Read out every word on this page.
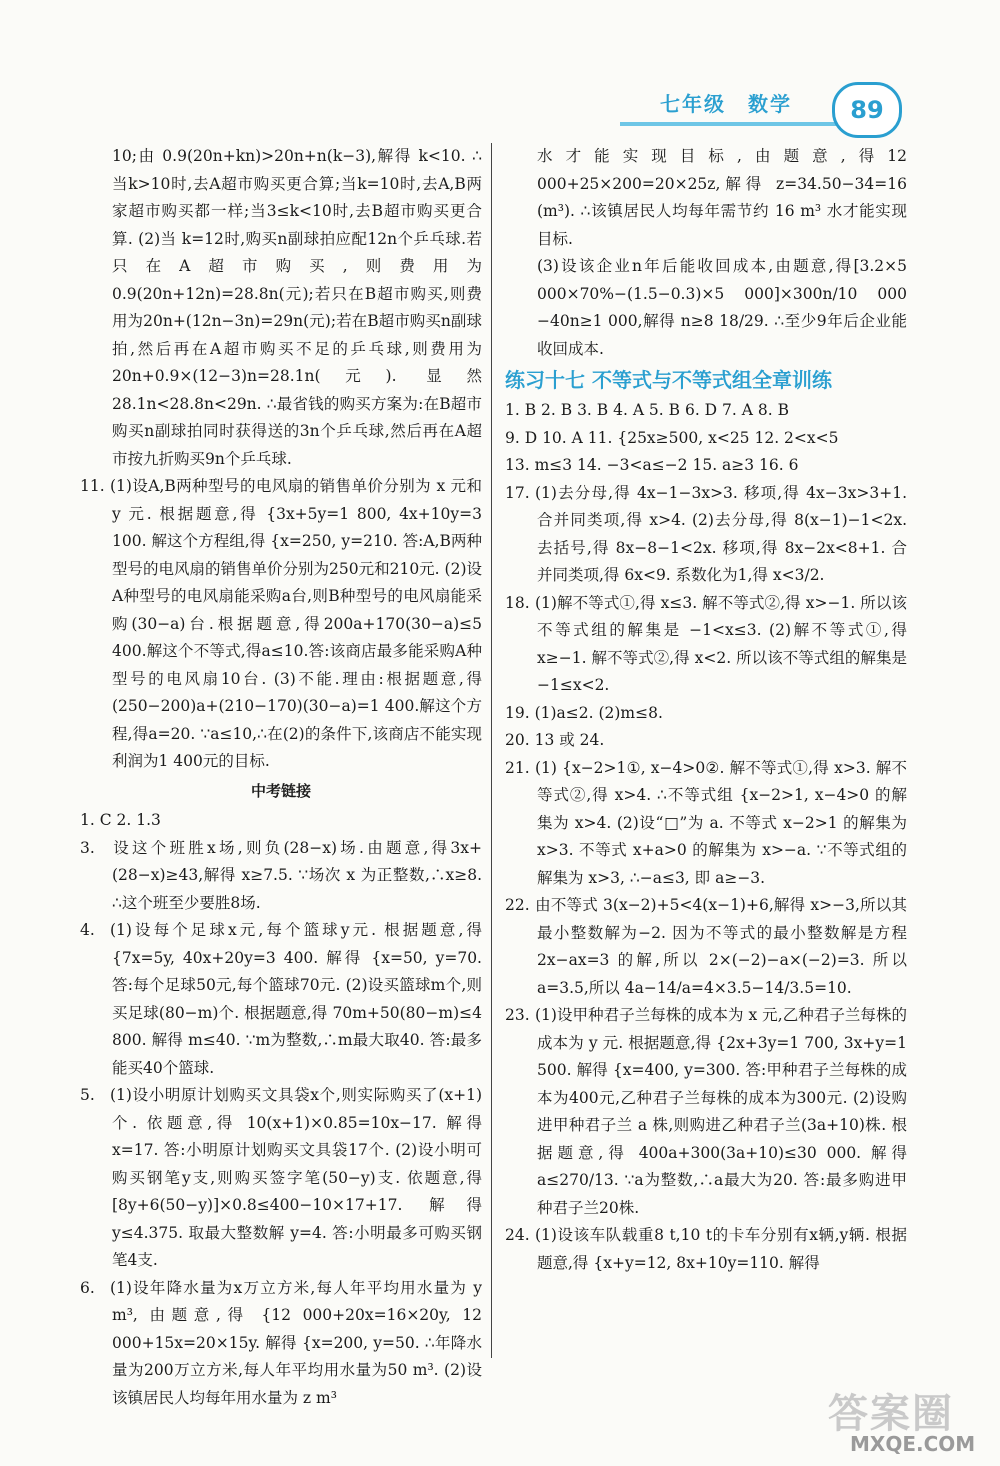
七年级 数学	89

10;由 0.9(20n+kn)>20n+n(k−3),解得 k<10. ∴当k>10时,去A超市购买更合算;当k=10时,去A,B两家超市购买都一样;当3≤k<10时,去B超市购买更合算. (2)当 k=12时,购买n副球拍应配12n个乒乓球.若只在A超市购买,则费用为0.9(20n+12n)=28.8n(元);若只在B超市购买,则费用为20n+(12n−3n)=29n(元);若在B超市购买n副球拍,然后再在A超市购买不足的乒乓球,则费用为20n+0.9×(12−3)n=28.1n(元). 显然28.1n<28.8n<29n. ∴最省钱的购买方案为:在B超市购买n副球拍同时获得送的3n个乒乓球,然后再在A超市按九折购买9n个乒乓球.

11. (1)设A,B两种型号的电风扇的销售单价分别为 x 元和 y 元. 根据题意,得 {3x+5y=1 800, 4x+10y=3 100. 解这个方程组,得 {x=250, y=210. 答:A,B两种型号的电风扇的销售单价分别为250元和210元. (2)设A种型号的电风扇能采购a台,则B种型号的电风扇能采购(30−a)台.根据题意,得200a+170(30−a)≤5 400.解这个不等式,得a≤10.答:该商店最多能采购A种型号的电风扇10台. (3)不能.理由:根据题意,得(250−200)a+(210−170)(30−a)=1 400.解这个方程,得a=20. ∵a≤10,∴在(2)的条件下,该商店不能实现利润为1 400元的目标.

中考链接

1. C 2. 1.3

3. 设这个班胜x场,则负(28−x)场.由题意,得3x+(28−x)≥43,解得 x≥7.5. ∵场次 x 为正整数,∴x≥8. ∴这个班至少要胜8场.

4. (1)设每个足球x元,每个篮球y元. 根据题意,得 {7x=5y, 40x+20y=3 400. 解得 {x=50, y=70. 答:每个足球50元,每个篮球70元. (2)设买篮球m个,则买足球(80−m)个. 根据题意,得 70m+50(80−m)≤4 800. 解得 m≤40. ∵m为整数,∴m最大取40. 答:最多能买40个篮球.

5. (1)设小明原计划购买文具袋x个,则实际购买了(x+1)个. 依题意,得 10(x+1)×0.85=10x−17. 解得 x=17. 答:小明原计划购买文具袋17个. (2)设小明可购买钢笔y支,则购买签字笔(50−y)支. 依题意,得[8y+6(50−y)]×0.8≤400−10×17+17. 解得 y≤4.375. 取最大整数解 y=4. 答:小明最多可购买钢笔4支.

6. (1)设年降水量为x万立方米,每人年平均用水量为 y m³, 由题意,得 {12 000+20x=16×20y, 12 000+15x=20×15y. 解得 {x=200, y=50. ∴年降水量为200万立方米,每人年平均用水量为50 m³. (2)设该镇居民人均每年用水量为 z m³

水才能实现目标,由题意,得12 000+25×200=20×25z,解得 z=34.50−34=16 (m³). ∴该镇居民人均每年需节约 16 m³ 水才能实现目标.

(3)设该企业n年后能收回成本,由题意,得[3.2×5 000×70%−(1.5−0.3)×5 000]×300n/10 000 −40n≥1 000,解得 n≥8 18/29. ∴至少9年后企业能收回成本.

练习十七 不等式与不等式组全章训练

1. B 2. B 3. B 4. A 5. B 6. D 7. A 8. B

9. D 10. A 11. {25x≥500, x<25 12. 2<x<5

13. m≤3 14. −3<a≤−2 15. a≥3 16. 6

17. (1)去分母,得 4x−1−3x>3. 移项,得 4x−3x>3+1. 合并同类项,得 x>4. (2)去分母,得 8(x−1)−1<2x. 去括号,得 8x−8−1<2x. 移项,得 8x−2x<8+1. 合并同类项,得 6x<9. 系数化为1,得 x<3/2.

18. (1)解不等式①,得 x≤3. 解不等式②,得 x>−1. 所以该不等式组的解集是 −1<x≤3. (2)解不等式①,得 x≥−1. 解不等式②,得 x<2. 所以该不等式组的解集是 −1≤x<2.

19. (1)a≤2. (2)m≤8.

20. 13 或 24.

21. (1) {x−2>1①, x−4>0②. 解不等式①,得 x>3. 解不等式②,得 x>4. ∴不等式组 {x−2>1, x−4>0 的解集为 x>4. (2)设“□”为 a. 不等式 x−2>1 的解集为 x>3. 不等式 x+a>0 的解集为 x>−a. ∵不等式组的解集为 x>3, ∴−a≤3, 即 a≥−3.

22. 由不等式 3(x−2)+5<4(x−1)+6,解得 x>−3,所以其最小整数解为−2. 因为不等式的最小整数解是方程 2x−ax=3 的解,所以 2×(−2)−a×(−2)=3. 所以 a=3.5,所以 4a−14/a=4×3.5−14/3.5=10.

23. (1)设甲种君子兰每株的成本为 x 元,乙种君子兰每株的成本为 y 元. 根据题意,得 {2x+3y=1 700, 3x+y=1 500. 解得 {x=400, y=300. 答:甲种君子兰每株的成本为400元,乙种君子兰每株的成本为300元. (2)设购进甲种君子兰 a 株,则购进乙种君子兰(3a+10)株. 根据题意,得 400a+300(3a+10)≤30 000. 解得 a≤270/13. ∵a为整数,∴a最大为20. 答:最多购进甲种君子兰20株.

24. (1)设该车队载重8 t,10 t的卡车分别有x辆,y辆. 根据题意,得 {x+y=12, 8x+10y=110. 解得

答案圈
MXQE.COM
